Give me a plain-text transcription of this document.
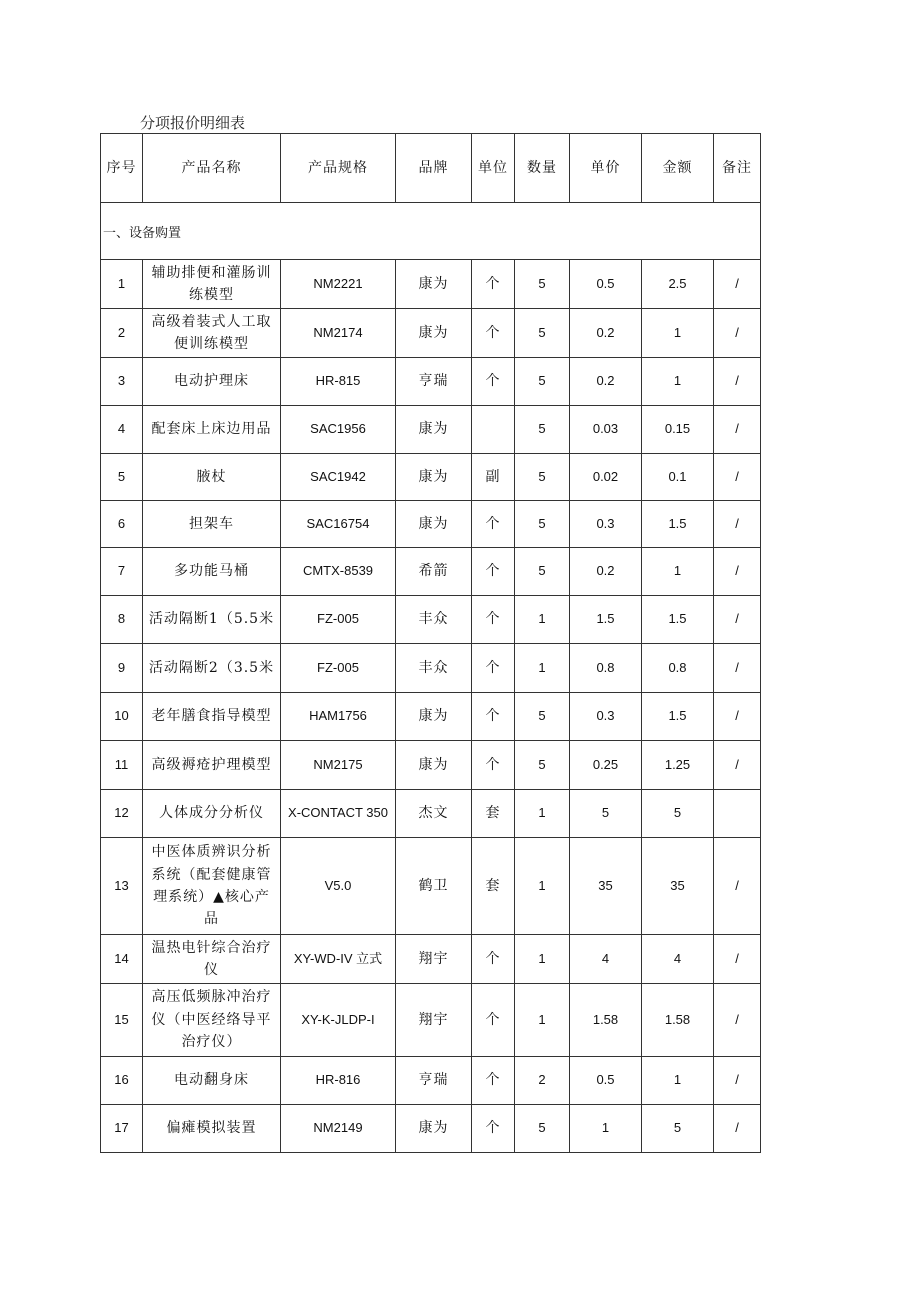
分项报价明细表
序号	产品名称	产品规格	品牌	单位	数量	单价	金额	备注
一、设备购置								
1	辅助排便和灌肠训练模型	NM2221	康为	个	5	0.5	2.5	/
2	高级着装式人工取便训练模型	NM2174	康为	个	5	0.2	1	/
3	电动护理床	HR-815	亨瑞	个	5	0.2	1	/
4	配套床上床边用品	SAC1956	康为		5	0.03	0.15	/
5	腋杖	SAC1942	康为	副	5	0.02	0.1	/
6	担架车	SAC16754	康为	个	5	0.3	1.5	/
7	多功能马桶	CMTX-8539	希箭	个	5	0.2	1	/
8	活动隔断1（5.5米	FZ-005	丰众	个	1	1.5	1.5	/
9	活动隔断2（3.5米	FZ-005	丰众	个	1	0.8	0.8	/
10	老年膳食指导模型	HAM1756	康为	个	5	0.3	1.5	/
11	高级褥疮护理模型	NM2175	康为	个	5	0.25	1.25	/
12	人体成分分析仪	X-CONTACT 350	杰文	套	1	5	5	
13	中医体质辨识分析系统（配套健康管理系统）▲核心产品	V5.0	鹤卫	套	1	35	35	/
14	温热电针综合治疗仪	XY-WD-IV 立式	翔宇	个	1	4	4	/
15	高压低频脉冲治疗仪（中医经络导平治疗仪）	XY-K-JLDP-I	翔宇	个	1	1.58	1.58	/
16	电动翻身床	HR-816	亨瑞	个	2	0.5	1	/
17	偏瘫模拟装置	NM2149	康为	个	5	1	5	/
